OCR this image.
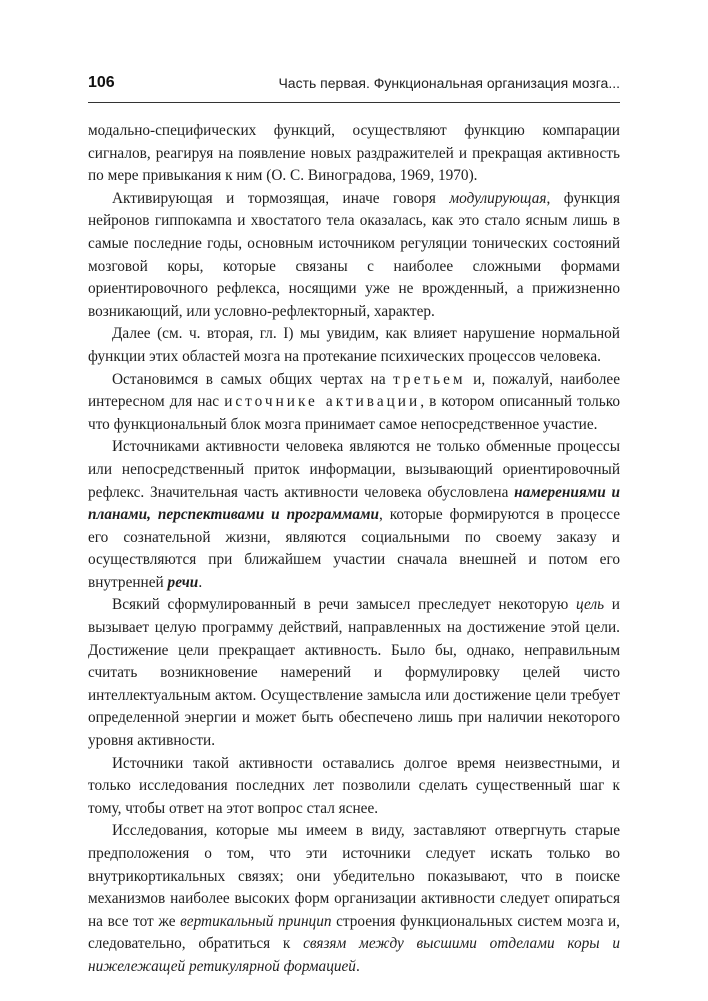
106	Часть первая. Функциональная организация мозга...

модально-специфических функций, осуществляют функцию компарации сигналов, реагируя на появление новых раздражителей и прекращая активность по мере привыкания к ним (О. С. Виноградова, 1969, 1970).

Активирующая и тормозящая, иначе говоря модулирующая, функция нейронов гиппокампа и хвостатого тела оказалась, как это стало ясным лишь в самые последние годы, основным источником регуляции тонических состояний мозговой коры, которые связаны с наиболее сложными формами ориентировочного рефлекса, носящими уже не врожденный, а прижизненно возникающий, или условно-рефлекторный, характер.

Далее (см. ч. вторая, гл. I) мы увидим, как влияет нарушение нормальной функции этих областей мозга на протекание психических процессов человека.

Остановимся в самых общих чертах на третьем и, пожалуй, наиболее интересном для нас источнике активации, в котором описанный только что функциональный блок мозга принимает самое непосредственное участие.

Источниками активности человека являются не только обменные процессы или непосредственный приток информации, вызывающий ориентировочный рефлекс. Значительная часть активности человека обусловлена намерениями и планами, перспективами и программами, которые формируются в процессе его сознательной жизни, являются социальными по своему заказу и осуществляются при ближайшем участии сначала внешней и потом его внутренней речи.

Всякий сформулированный в речи замысел преследует некоторую цель и вызывает целую программу действий, направленных на достижение этой цели. Достижение цели прекращает активность. Было бы, однако, неправильным считать возникновение намерений и формулировку целей чисто интеллектуальным актом. Осуществление замысла или достижение цели требует определенной энергии и может быть обеспечено лишь при наличии некоторого уровня активности.

Источники такой активности оставались долгое время неизвестными, и только исследования последних лет позволили сделать существенный шаг к тому, чтобы ответ на этот вопрос стал яснее.

Исследования, которые мы имеем в виду, заставляют отвергнуть старые предположения о том, что эти источники следует искать только во внутрикортикальных связях; они убедительно показывают, что в поиске механизмов наиболее высоких форм организации активности следует опираться на все тот же вертикальный принцип строения функциональных систем мозга и, следовательно, обратиться к связям между высшими отделами коры и нижележащей ретикулярной формацией.
